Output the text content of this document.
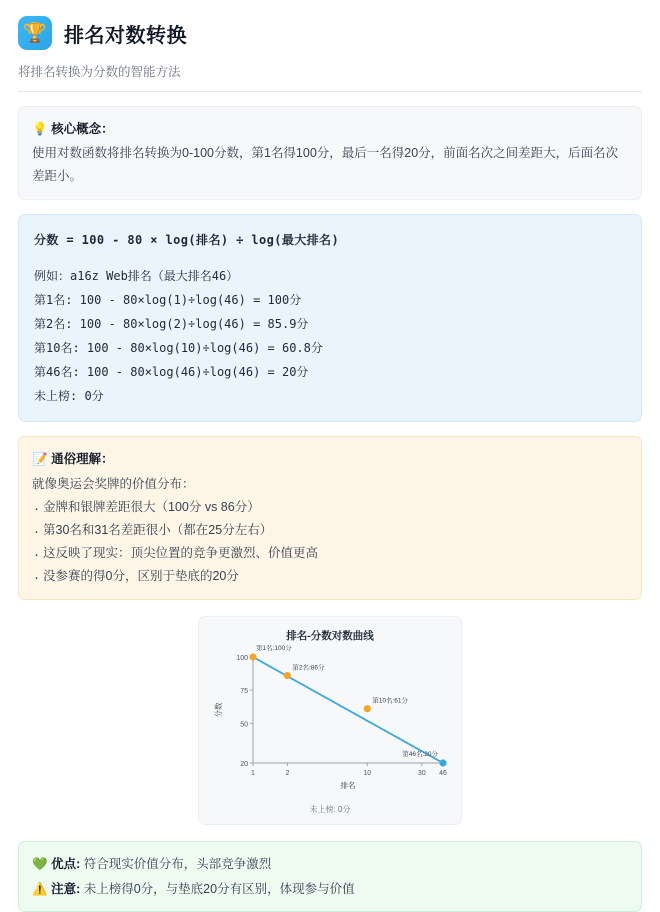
🏆 排名对数转换
将排名转换为分数的智能方法
💡 核心概念：
使用对数函数将排名转换为0-100分数，第1名得100分，最后一名得20分，前面名次之间差距大，后面名次差距小。
分数 = 100 - 80 × log(排名) ÷ log(最大排名)
例如：a16z Web排名（最大排名46）
第1名: 100 - 80×log(1)÷log(46) = 100分
第2名: 100 - 80×log(2)÷log(46) = 85.9分
第10名: 100 - 80×log(10)÷log(46) = 60.8分
第46名: 100 - 80×log(46)÷log(46) = 20分
未上榜: 0分
📝 通俗理解：
就像奥运会奖牌的价值分布：
· 金牌和银牌差距很大（100分 vs 86分）
· 第30名和31名差距很小（都在25分左右）
· 这反映了现实：顶尖位置的竞争更激烈、价值更高
· 没参赛的得0分，区别于垫底的20分
排名-分数对数曲线
20
50
75
100
1	2	10	30 46
排名
分数
第1名:100分
第2名:86分
第10名:61分
第46名:20分
未上榜: 0分
💚 优点: 符合现实价值分布，头部竞争激烈
⚠️ 注意: 未上榜得0分，与垫底20分有区别，体现参与价值
